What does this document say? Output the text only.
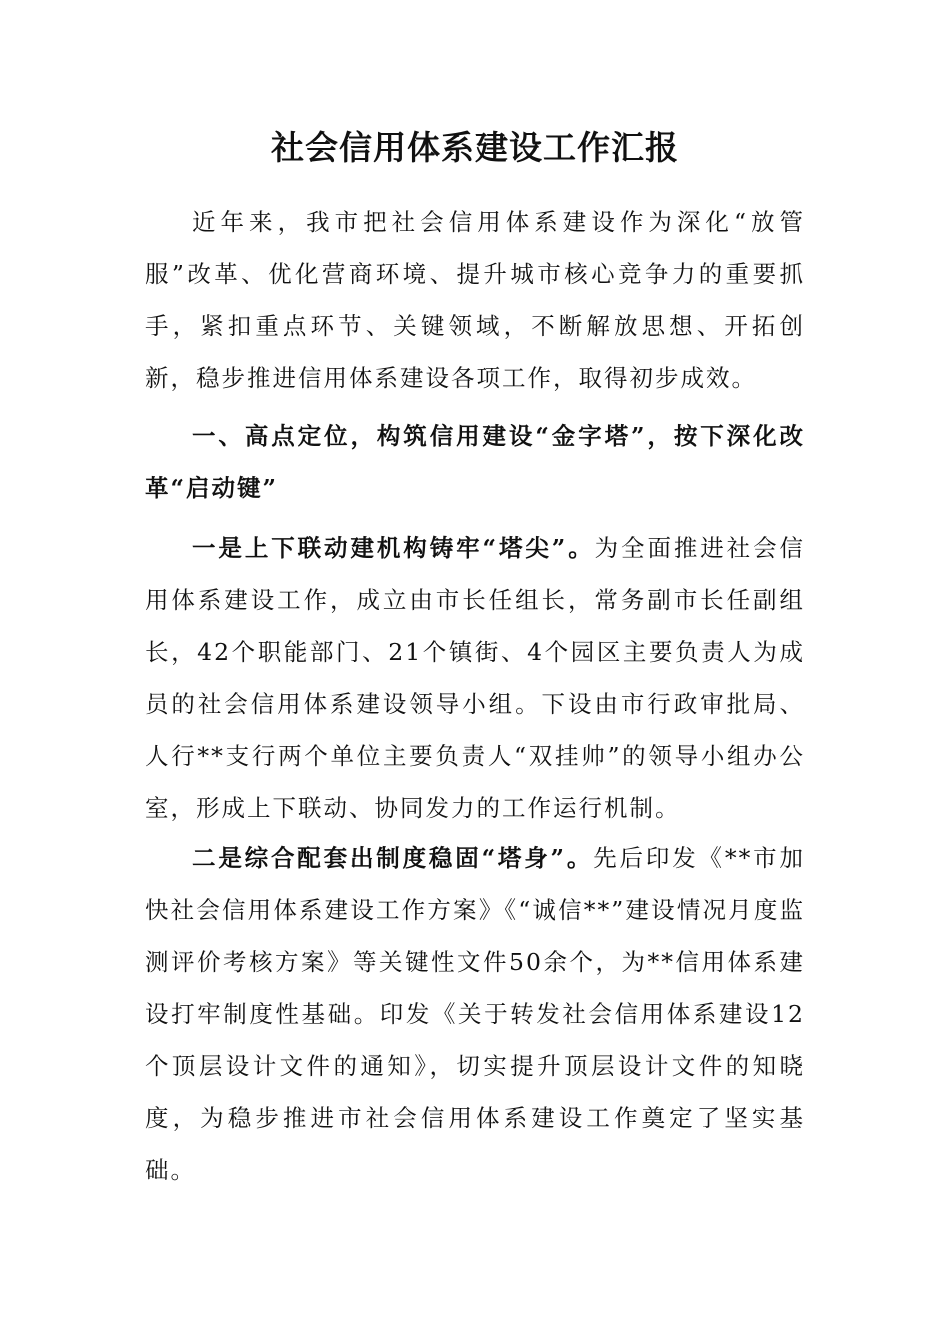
社会信用体系建设工作汇报

近年来，我市把社会信用体系建设作为深化“放管服”改革、优化营商环境、提升城市核心竞争力的重要抓手，紧扣重点环节、关键领域，不断解放思想、开拓创新，稳步推进信用体系建设各项工作，取得初步成效。

一、高点定位，构筑信用建设“金字塔”，按下深化改革“启动键”

一是上下联动建机构铸牢“塔尖”。为全面推进社会信用体系建设工作，成立由市长任组长，常务副市长任副组长，42个职能部门、21个镇街、4个园区主要负责人为成员的社会信用体系建设领导小组。下设由市行政审批局、人行**支行两个单位主要负责人“双挂帅”的领导小组办公室，形成上下联动、协同发力的工作运行机制。

二是综合配套出制度稳固“塔身”。先后印发《**市加快社会信用体系建设工作方案》《“诚信**”建设情况月度监测评价考核方案》等关键性文件50余个，为**信用体系建设打牢制度性基础。印发《关于转发社会信用体系建设12个顶层设计文件的通知》，切实提升顶层设计文件的知晓度，为稳步推进市社会信用体系建设工作奠定了坚实基础。
